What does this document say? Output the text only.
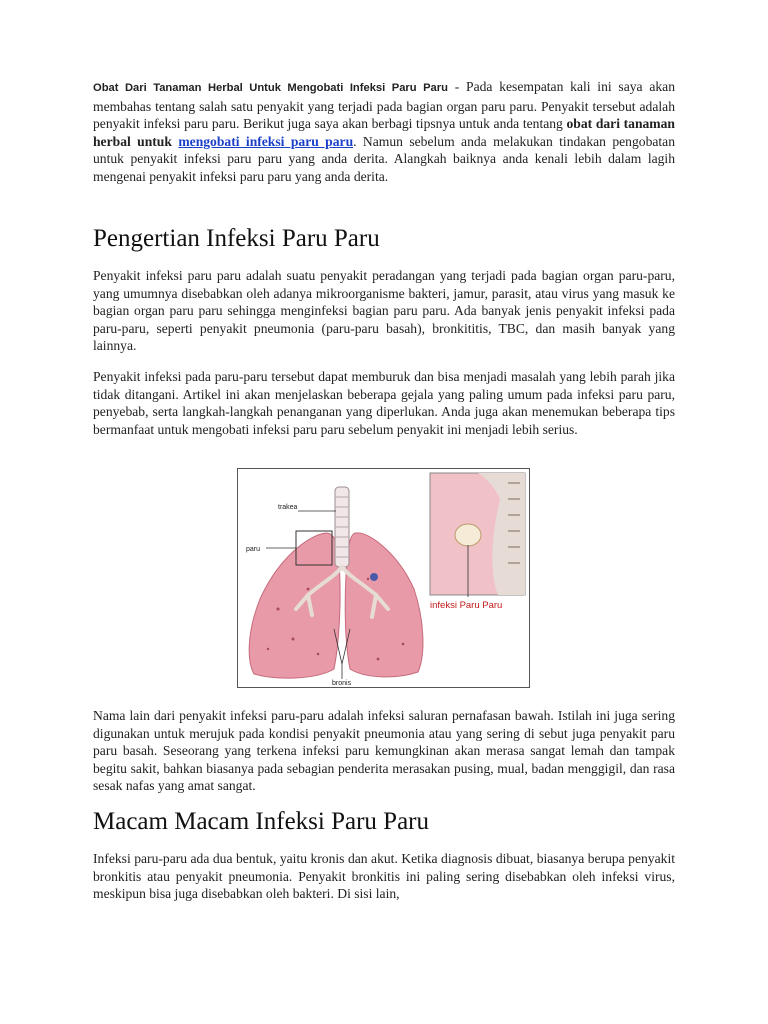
Obat Dari Tanaman Herbal Untuk Mengobati Infeksi Paru Paru - Pada kesempatan kali ini saya akan membahas tentang salah satu penyakit yang terjadi pada bagian organ paru paru. Penyakit tersebut adalah penyakit infeksi paru paru. Berikut juga saya akan berbagi tipsnya untuk anda tentang obat dari tanaman herbal untuk mengobati infeksi paru paru. Namun sebelum anda melakukan tindakan pengobatan untuk penyakit infeksi paru paru yang anda derita. Alangkah baiknya anda kenali lebih dalam lagih mengenai penyakit infeksi paru paru yang anda derita.

Pengertian Infeksi Paru Paru

Penyakit infeksi paru paru adalah suatu penyakit peradangan yang terjadi pada bagian organ paru-paru, yang umumnya disebabkan oleh adanya mikroorganisme bakteri, jamur, parasit, atau virus yang masuk ke bagian organ paru paru sehingga menginfeksi bagian paru paru. Ada banyak jenis penyakit infeksi pada paru-paru, seperti penyakit pneumonia (paru-paru basah), bronkititis, TBC, dan masih banyak yang lainnya.

Penyakit infeksi pada paru-paru tersebut dapat memburuk dan bisa menjadi masalah yang lebih parah jika tidak ditangani. Artikel ini akan menjelaskan beberapa gejala yang paling umum pada infeksi paru paru, penyebab, serta langkah-langkah penanganan yang diperlukan. Anda juga akan menemukan beberapa tips bermanfaat untuk mengobati infeksi paru paru sebelum penyakit ini menjadi lebih serius.

trakea
paru
infeksi Paru Paru
bronis

Nama lain dari penyakit infeksi paru-paru adalah infeksi saluran pernafasan bawah. Istilah ini juga sering digunakan untuk merujuk pada kondisi penyakit pneumonia atau yang sering di sebut juga penyakit paru paru basah. Seseorang yang terkena infeksi paru kemungkinan akan merasa sangat lemah dan tampak begitu sakit, bahkan biasanya pada sebagian penderita merasakan pusing, mual, badan menggigil, dan rasa sesak nafas yang amat sangat.

Macam Macam Infeksi Paru Paru

Infeksi paru-paru ada dua bentuk, yaitu kronis dan akut. Ketika diagnosis dibuat, biasanya berupa penyakit bronkitis atau penyakit pneumonia. Penyakit bronkitis ini paling sering disebabkan oleh infeksi virus, meskipun bisa juga disebabkan oleh bakteri. Di sisi lain,
